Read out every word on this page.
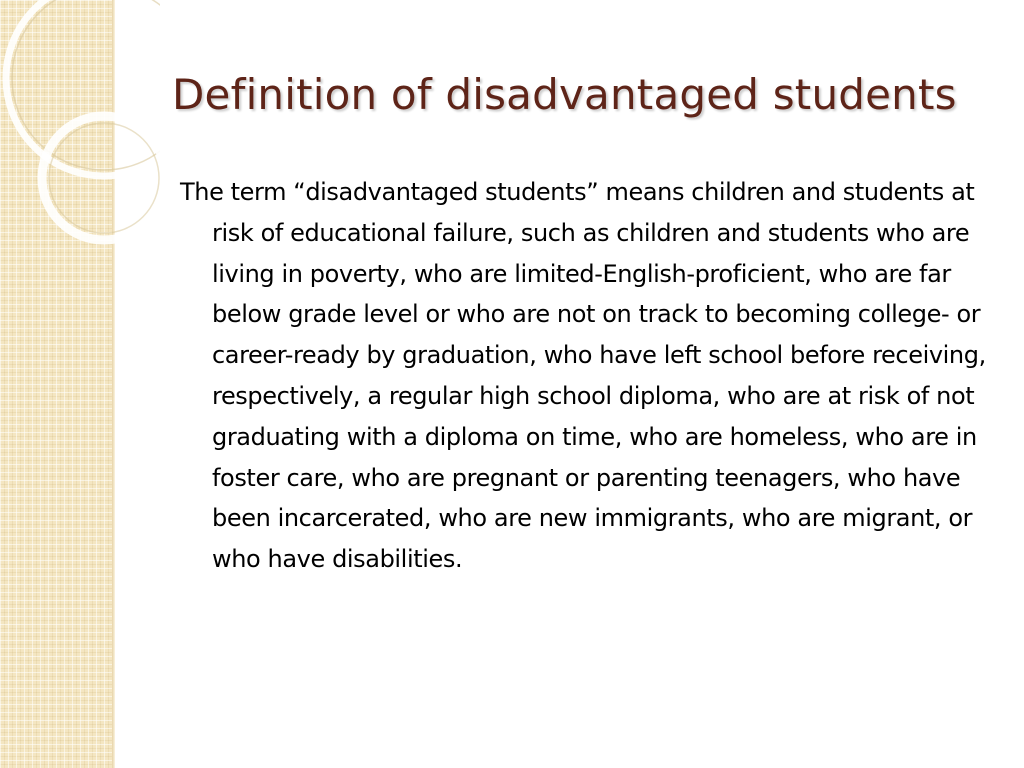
Definition of disadvantaged students

The term “disadvantaged students” means children and students at risk of educational failure, such as children and students who are living in poverty, who are limited-English-proficient, who are far below grade level or who are not on track to becoming college- or career-ready by graduation, who have left school before receiving, respectively, a regular high school diploma, who are at risk of not graduating with a diploma on time, who are homeless, who are in foster care, who are pregnant or parenting teenagers, who have been incarcerated, who are new immigrants, who are migrant, or who have disabilities.
